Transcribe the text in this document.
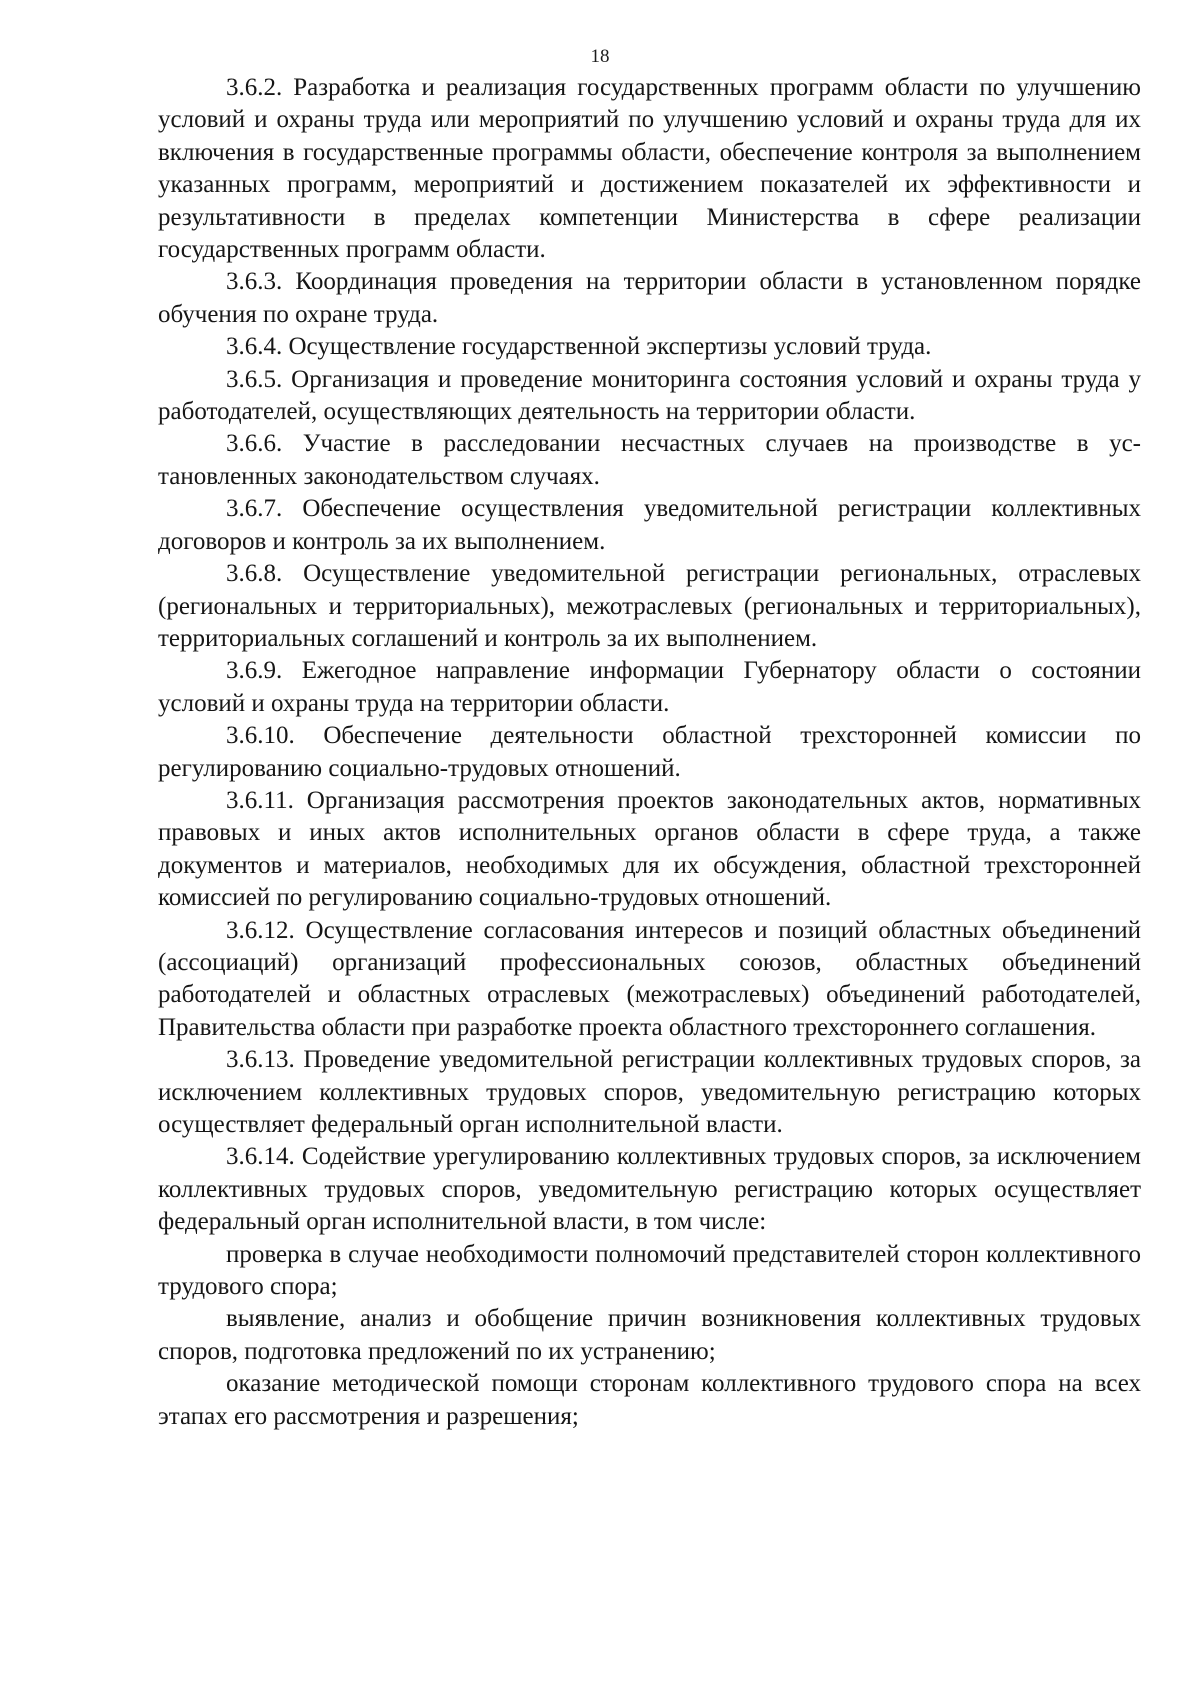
18

3.6.2. Разработка и реализация государственных программ области по улучшению условий и охраны труда или мероприятий по улучшению условий и охраны труда для их включения в государственные программы области, обеспечение контроля за выполнением указанных программ, мероприятий и достижением показателей их эффективности и результативности в пределах компетенции Министерства в сфере реализации государственных программ области.

3.6.3. Координация проведения на территории области в установленном порядке обучения по охране труда.

3.6.4. Осуществление государственной экспертизы условий труда.

3.6.5. Организация и проведение мониторинга состояния условий и охраны труда у работодателей, осуществляющих деятельность на территории области.

3.6.6. Участие в расследовании несчастных случаев на производстве в установленных законодательством случаях.

3.6.7. Обеспечение осуществления уведомительной регистрации коллективных договоров и контроль за их выполнением.

3.6.8. Осуществление уведомительной регистрации региональных, отраслевых (региональных и территориальных), межотраслевых (региональных и территориальных), территориальных соглашений и контроль за их выполнением.

3.6.9. Ежегодное направление информации Губернатору области о состоянии условий и охраны труда на территории области.

3.6.10. Обеспечение деятельности областной трехсторонней комиссии по регулированию социально-трудовых отношений.

3.6.11. Организация рассмотрения проектов законодательных актов, нормативных правовых и иных актов исполнительных органов области в сфере труда, а также документов и материалов, необходимых для их обсуждения, областной трехсторонней комиссией по регулированию социально-трудовых отношений.

3.6.12. Осуществление согласования интересов и позиций областных объединений (ассоциаций) организаций профессиональных союзов, областных объединений работодателей и областных отраслевых (межотраслевых) объединений работодателей, Правительства области при разработке проекта областного трехстороннего соглашения.

3.6.13. Проведение уведомительной регистрации коллективных трудовых споров, за исключением коллективных трудовых споров, уведомительную регистрацию которых осуществляет федеральный орган исполнительной власти.

3.6.14. Содействие урегулированию коллективных трудовых споров, за исключением коллективных трудовых споров, уведомительную регистрацию которых осуществляет федеральный орган исполнительной власти, в том числе:

проверка в случае необходимости полномочий представителей сторон коллективного трудового спора;

выявление, анализ и обобщение причин возникновения коллективных трудовых споров, подготовка предложений по их устранению;

оказание методической помощи сторонам коллективного трудового спора на всех этапах его рассмотрения и разрешения;
